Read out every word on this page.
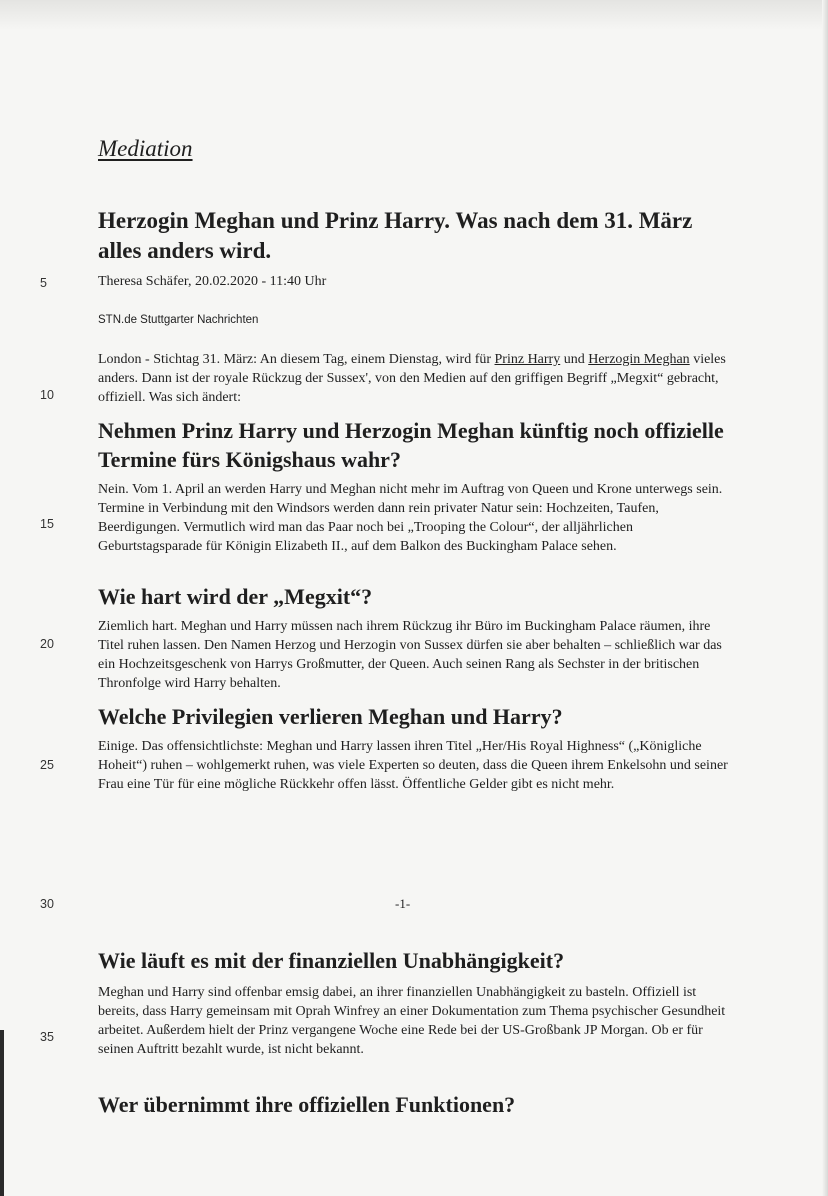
Mediation
Herzogin Meghan und Prinz Harry. Was nach dem 31. März alles anders wird.
Theresa Schäfer, 20.02.2020 - 11:40 Uhr
STN.de Stuttgarter Nachrichten

London - Stichtag 31. März: An diesem Tag, einem Dienstag, wird für Prinz Harry und Herzogin Meghan vieles anders. Dann ist der royale Rückzug der Sussex', von den Medien auf den griffigen Begriff „Megxit“ gebracht, offiziell. Was sich ändert:

Nehmen Prinz Harry und Herzogin Meghan künftig noch offizielle Termine fürs Königshaus wahr?

Nein. Vom 1. April an werden Harry und Meghan nicht mehr im Auftrag von Queen und Krone unterwegs sein. Termine in Verbindung mit den Windsors werden dann rein privater Natur sein: Hochzeiten, Taufen, Beerdigungen. Vermutlich wird man das Paar noch bei „Trooping the Colour“, der alljährlichen Geburtstagsparade für Königin Elizabeth II., auf dem Balkon des Buckingham Palace sehen.

Wie hart wird der „Megxit“?

Ziemlich hart. Meghan und Harry müssen nach ihrem Rückzug ihr Büro im Buckingham Palace räumen, ihre Titel ruhen lassen. Den Namen Herzog und Herzogin von Sussex dürfen sie aber behalten – schließlich war das ein Hochzeitsgeschenk von Harrys Großmutter, der Queen. Auch seinen Rang als Sechster in der britischen Thronfolge wird Harry behalten.

Welche Privilegien verlieren Meghan und Harry?

Einige. Das offensichtlichste: Meghan und Harry lassen ihren Titel „Her/His Royal Highness“ („Königliche Hoheit“) ruhen – wohlgemerkt ruhen, was viele Experten so deuten, dass die Queen ihrem Enkelsohn und seiner Frau eine Tür für eine mögliche Rückkehr offen lässt. Öffentliche Gelder gibt es nicht mehr.

-1-
Wie läuft es mit der finanziellen Unabhängigkeit?

Meghan und Harry sind offenbar emsig dabei, an ihrer finanziellen Unabhängigkeit zu basteln. Offiziell ist bereits, dass Harry gemeinsam mit Oprah Winfrey an einer Dokumentation zum Thema psychischer Gesundheit arbeitet. Außerdem hielt der Prinz vergangene Woche eine Rede bei der US-Großbank JP Morgan. Ob er für seinen Auftritt bezahlt wurde, ist nicht bekannt.

Wer übernimmt ihre offiziellen Funktionen?
5
10
15
20
25
30
35
